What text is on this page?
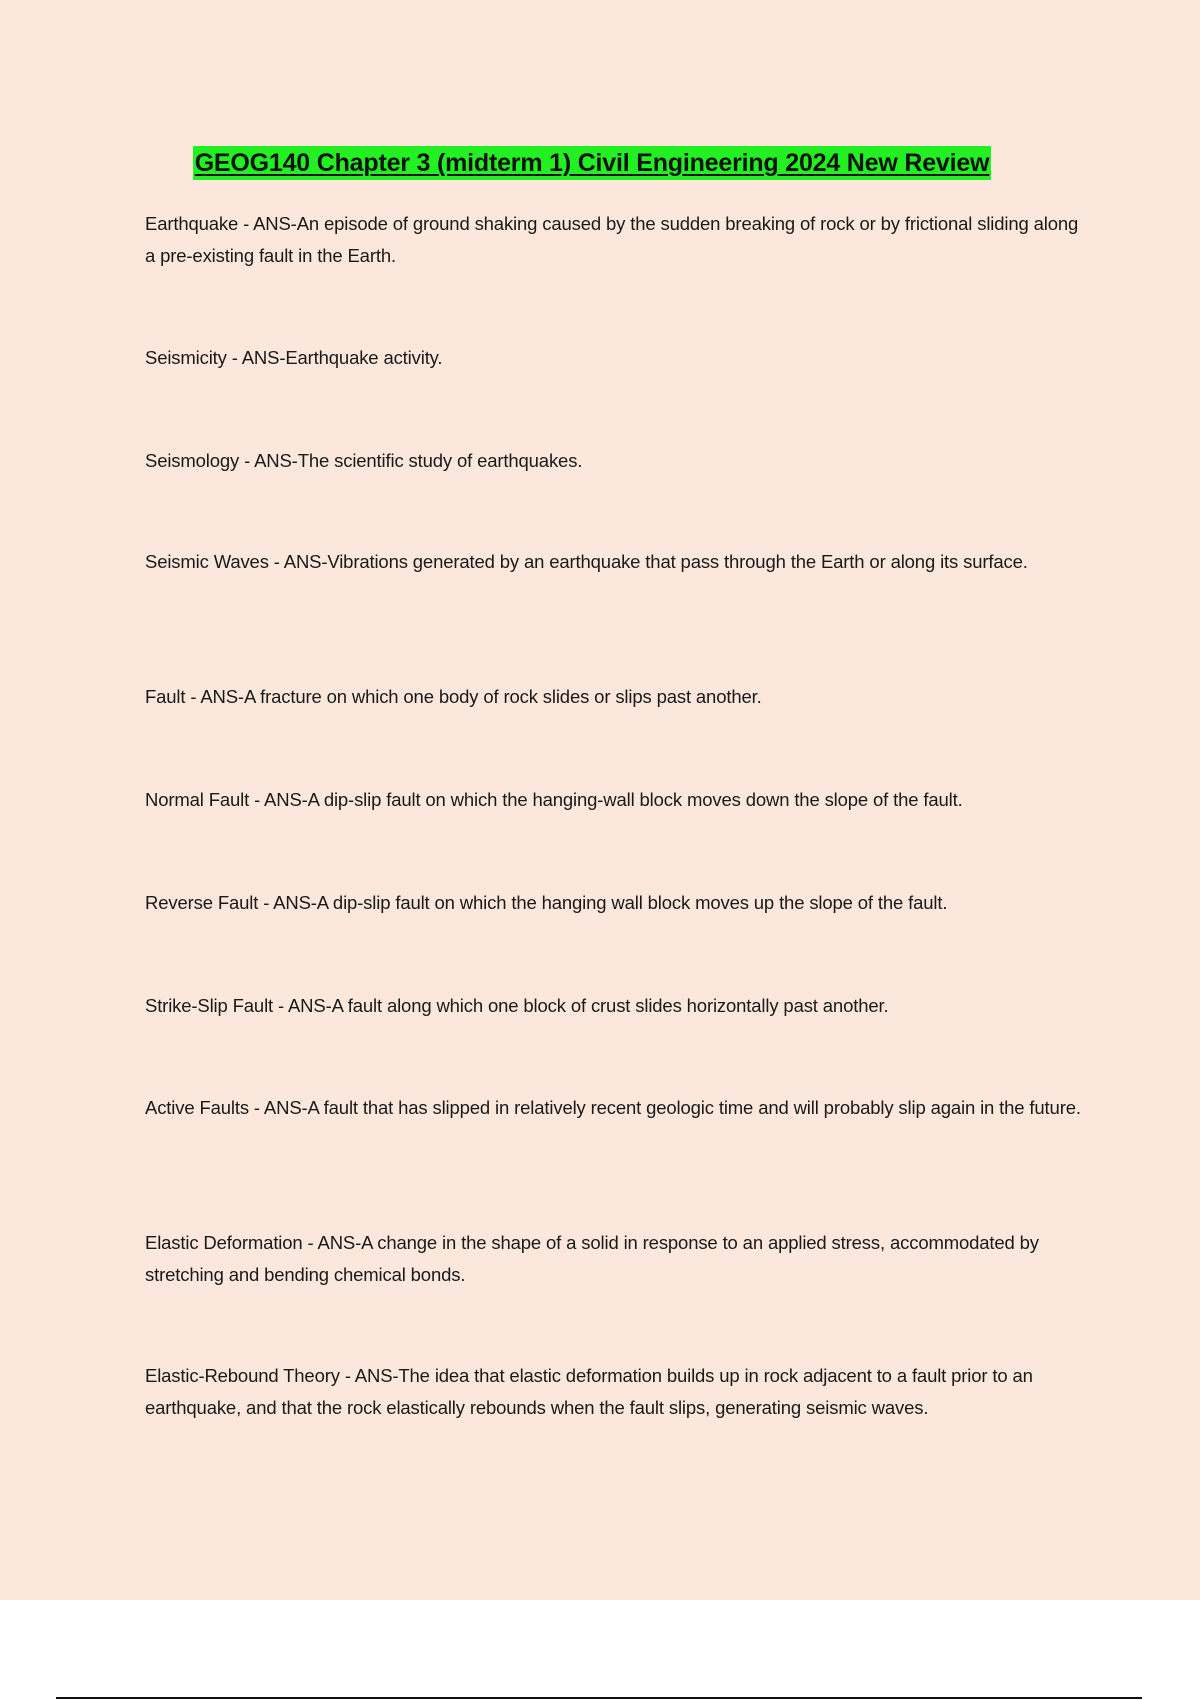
GEOG140 Chapter 3 (midterm 1) Civil Engineering 2024 New Review
Earthquake - ANS-An episode of ground shaking caused by the sudden breaking of rock or by frictional sliding along a pre-existing fault in the Earth.
Seismicity - ANS-Earthquake activity.
Seismology - ANS-The scientific study of earthquakes.
Seismic Waves - ANS-Vibrations generated by an earthquake that pass through the Earth or along its surface.
Fault - ANS-A fracture on which one body of rock slides or slips past another.
Normal Fault - ANS-A dip-slip fault on which the hanging-wall block moves down the slope of the fault.
Reverse Fault - ANS-A dip-slip fault on which the hanging wall block moves up the slope of the fault.
Strike-Slip Fault - ANS-A fault along which one block of crust slides horizontally past another.
Active Faults - ANS-A fault that has slipped in relatively recent geologic time and will probably slip again in the future.
Elastic Deformation - ANS-A change in the shape of a solid in response to an applied stress, accommodated by stretching and bending chemical bonds.
Elastic-Rebound Theory - ANS-The idea that elastic deformation builds up in rock adjacent to a fault prior to an earthquake, and that the rock elastically rebounds when the fault slips, generating seismic waves.
